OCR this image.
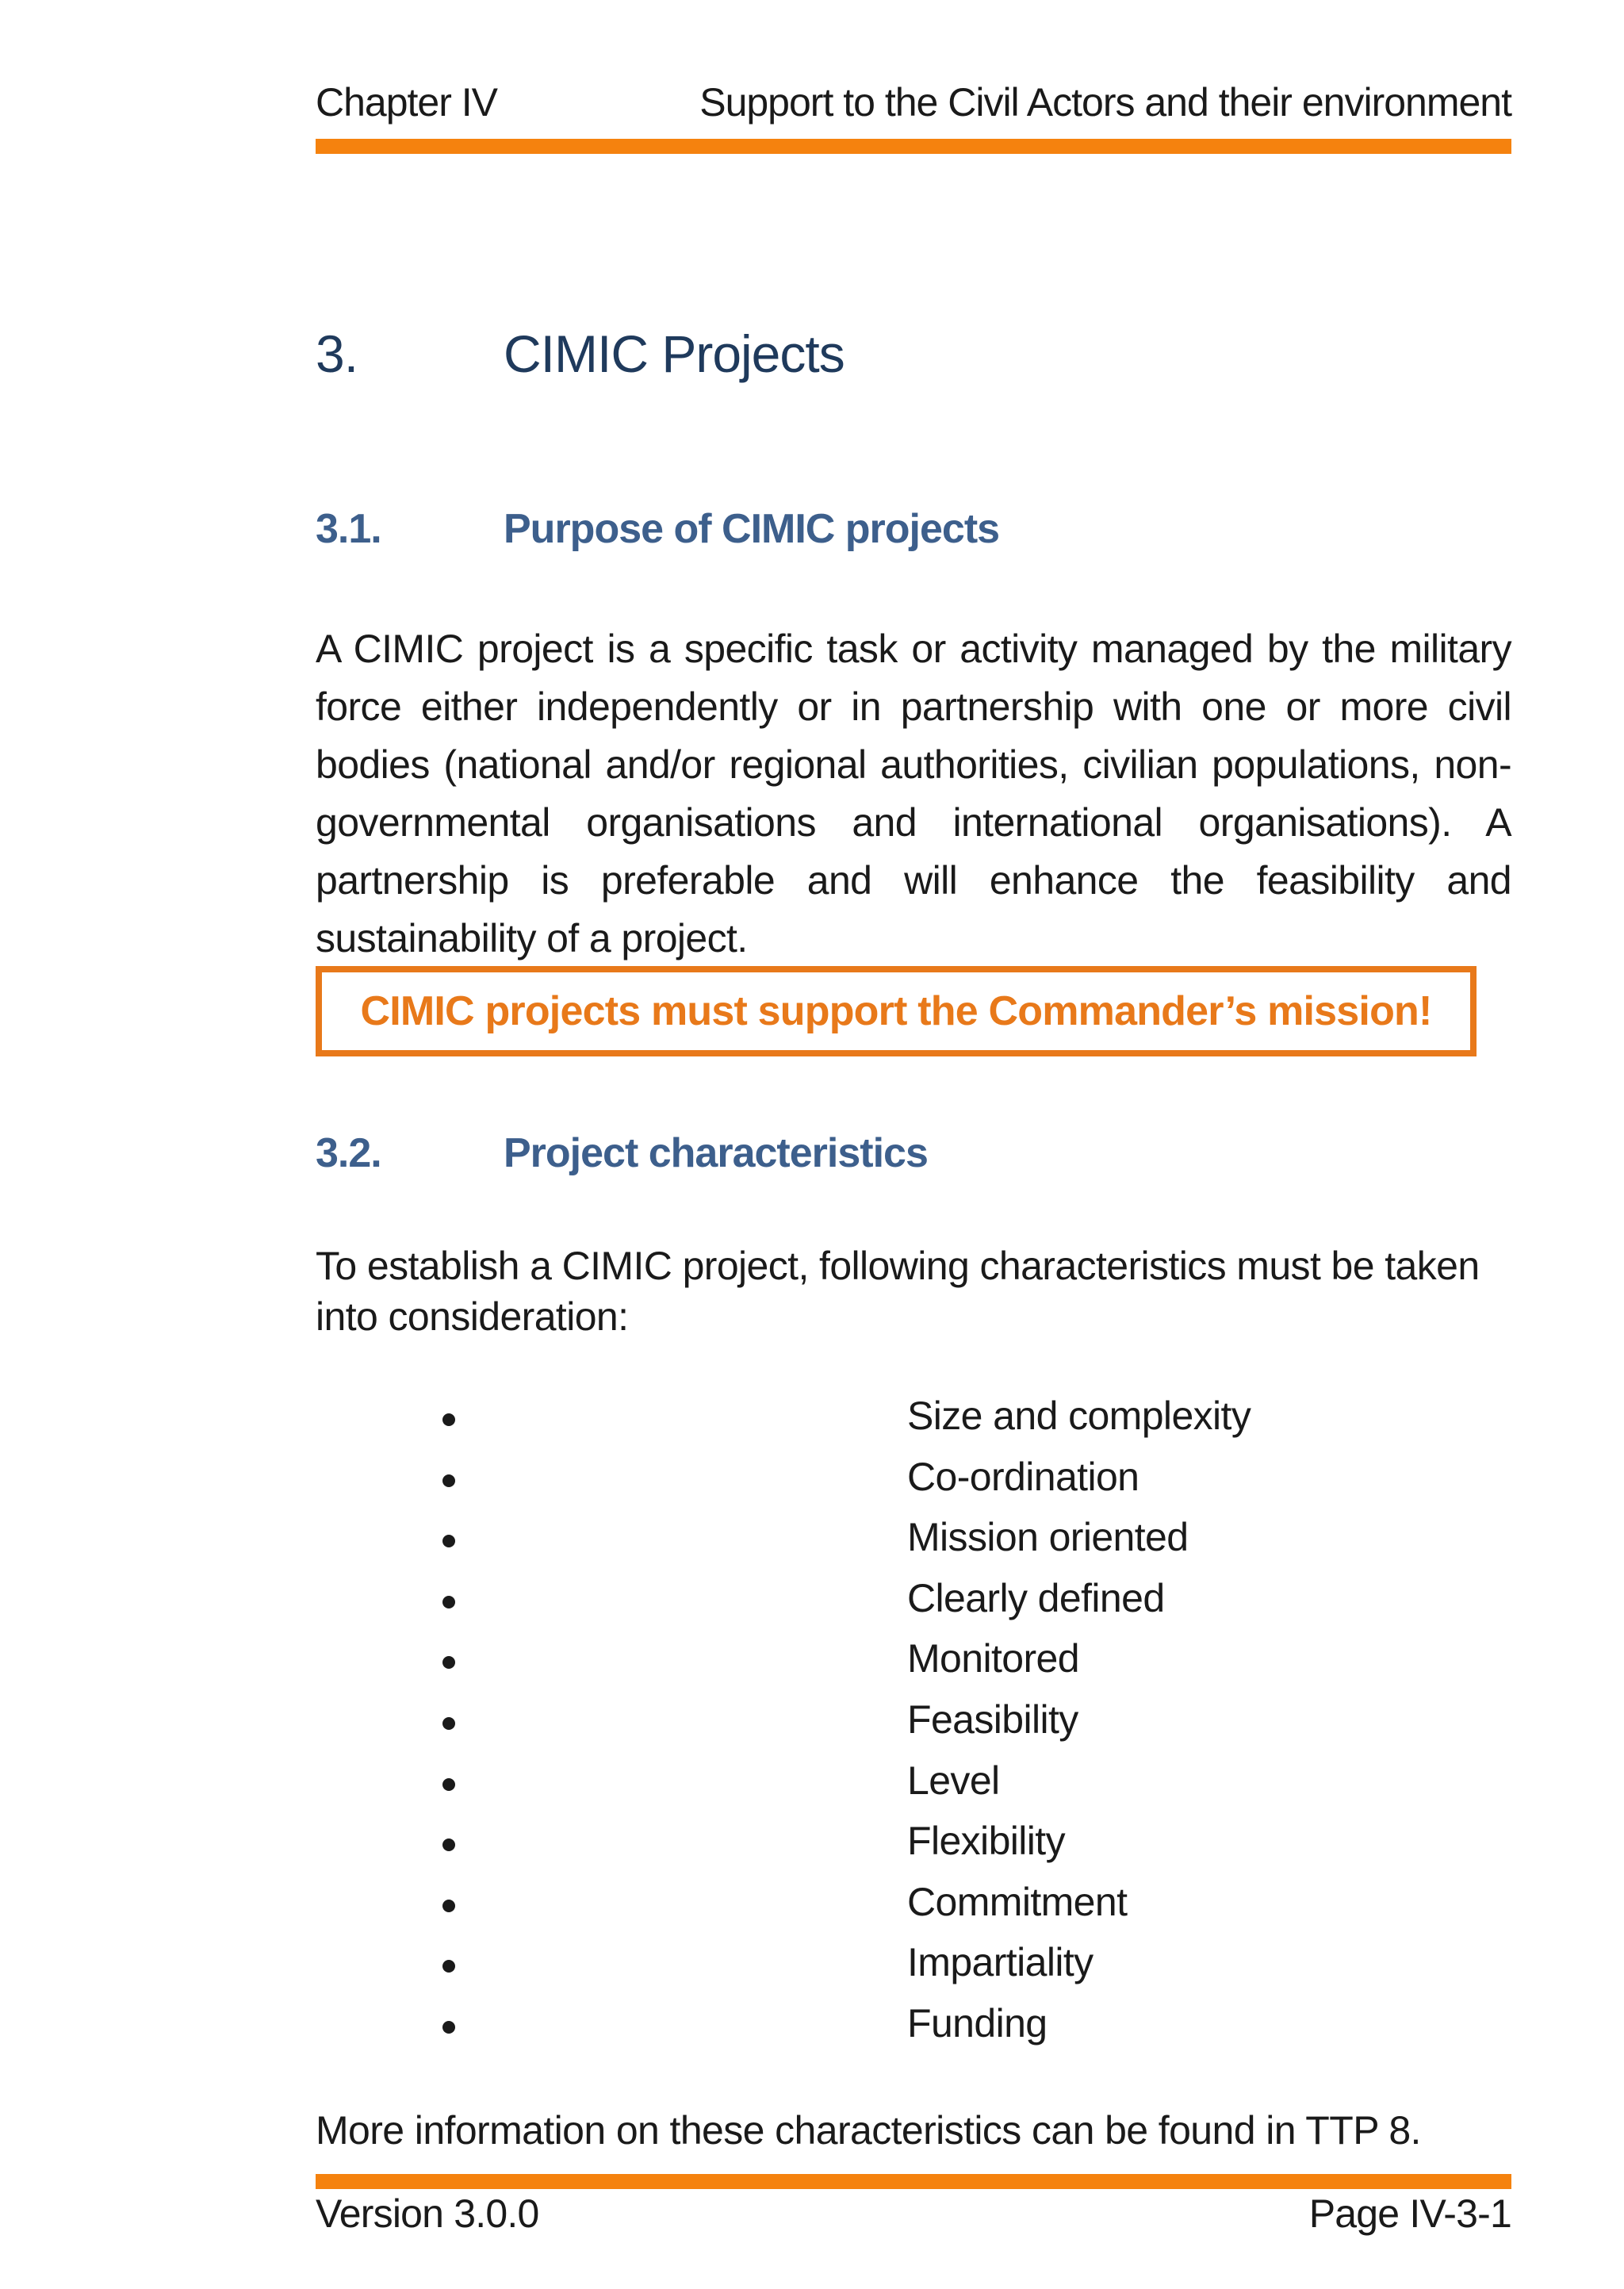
Chapter IV	Support to the Civil Actors and their environment
3.	CIMIC Projects
3.1.	Purpose of CIMIC projects
A CIMIC project is a specific task or activity managed by the military force either independently or in partnership with one or more civil bodies (national and/or regional authorities, civilian populations, non-governmental organisations and international organisations). A partnership is preferable and will enhance the feasibility and sustainability of a project.
CIMIC projects must support the Commander’s mission!
3.2.	Project characteristics
To establish a CIMIC project, following characteristics must be taken into consideration:
Size and complexity
Co-ordination
Mission oriented
Clearly defined
Monitored
Feasibility
Level
Flexibility
Commitment
Impartiality
Funding
More information on these characteristics can be found in TTP 8.
Version 3.0.0	Page IV-3-1
